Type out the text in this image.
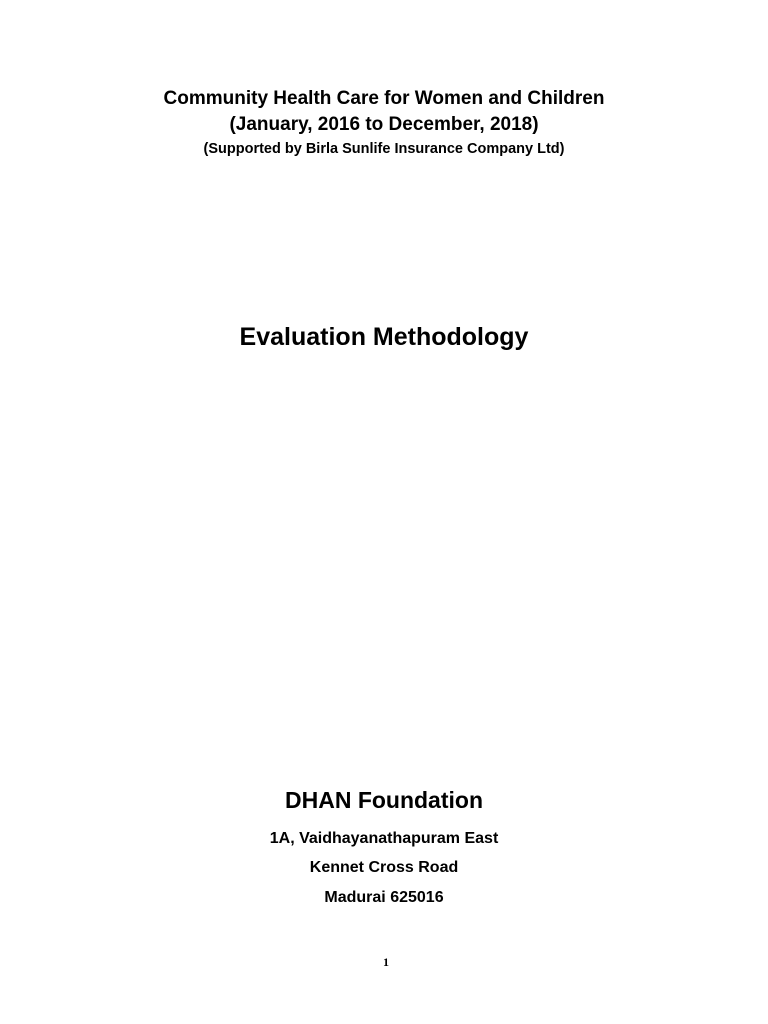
Community Health Care for Women and Children
(January, 2016 to December, 2018)
(Supported by Birla Sunlife Insurance Company Ltd)
Evaluation Methodology
DHAN Foundation
1A, Vaidhayanathapuram East
Kennet Cross Road
Madurai 625016
1
